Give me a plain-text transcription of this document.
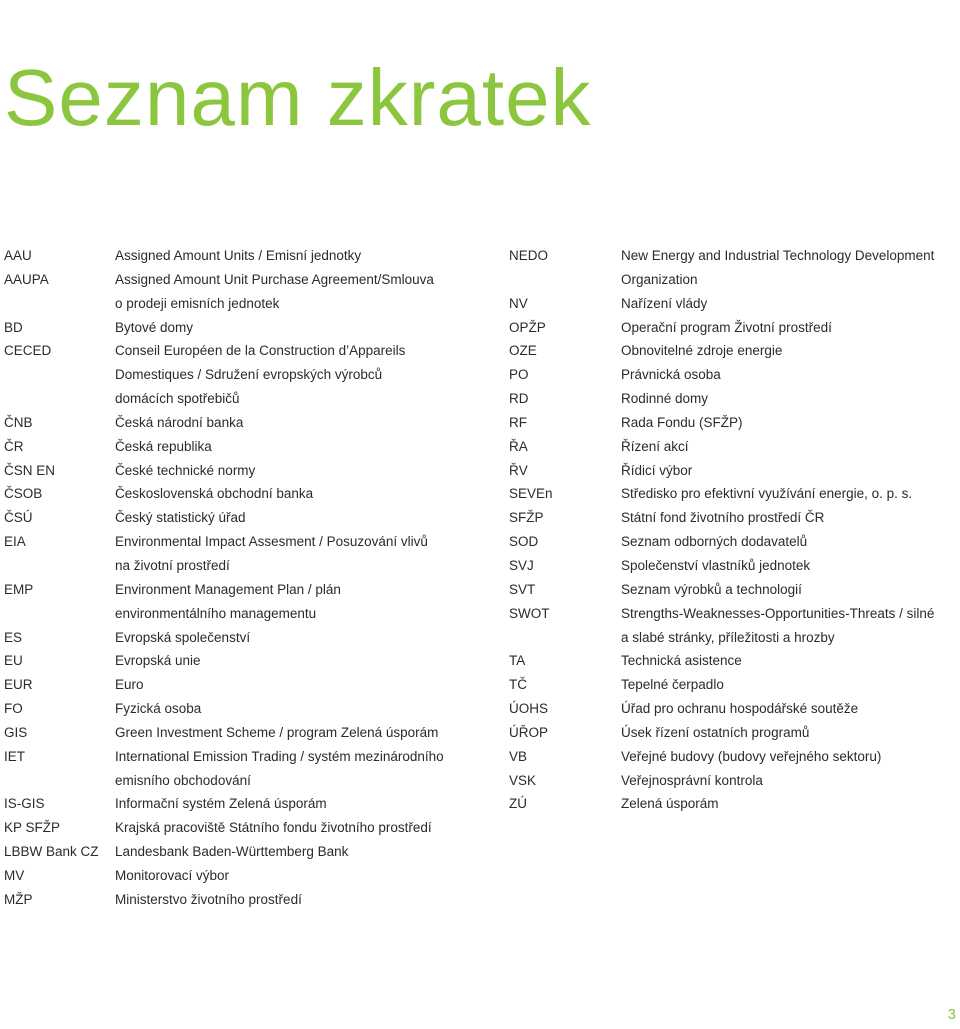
Seznam zkratek
AAU	Assigned Amount Units / Emisní jednotky
AAUPA	Assigned Amount Unit Purchase Agreement/Smlouva
o prodeji emisních jednotek
BD	Bytové domy
CECED	Conseil Européen de la Construction d’Appareils
Domestiques / Sdružení evropských výrobců
domácích spotřebičů
ČNB	Česká národní banka
ČR	Česká republika
ČSN EN	České technické normy
ČSOB	Československá obchodní banka
ČSÚ	Český statistický úřad
EIA	Environmental Impact Assesment / Posuzování vlivů
na životní prostředí
EMP	Environment Management Plan / plán
environmentálního managementu
ES	Evropská společenství
EU	Evropská unie
EUR	Euro
FO	Fyzická osoba
GIS	Green Investment Scheme / program Zelená úsporám
IET	International Emission Trading / systém mezinárodního
emisního obchodování
IS-GIS	Informační systém Zelená úsporám
KP SFŽP	Krajská pracoviště Státního fondu životního prostředí
LBBW Bank CZ	Landesbank Baden-Württemberg Bank
MV	Monitorovací výbor
MŽP	Ministerstvo životního prostředí
NEDO	New Energy and Industrial Technology Development
Organization
NV	Nařízení vlády
OPŽP	Operační program Životní prostředí
OZE	Obnovitelné zdroje energie
PO	Právnická osoba
RD	Rodinné domy
RF	Rada Fondu (SFŽP)
ŘA	Řízení akcí
ŘV	Řídicí výbor
SEVEn	Středisko pro efektivní využívání energie, o. p. s.
SFŽP	Státní fond životního prostředí ČR
SOD	Seznam odborných dodavatelů
SVJ	Společenství vlastníků jednotek
SVT	Seznam výrobků a technologií
SWOT	Strengths-Weaknesses-Opportunities-Threats / silné
a slabé stránky, příležitosti a hrozby
TA	Technická asistence
TČ	Tepelné čerpadlo
ÚOHS	Úřad pro ochranu hospodářské soutěže
ÚŘOP	Úsek řízení ostatních programů
VB	Veřejné budovy (budovy veřejného sektoru)
VSK	Veřejnosprávní kontrola
ZÚ	Zelená úsporám
3
